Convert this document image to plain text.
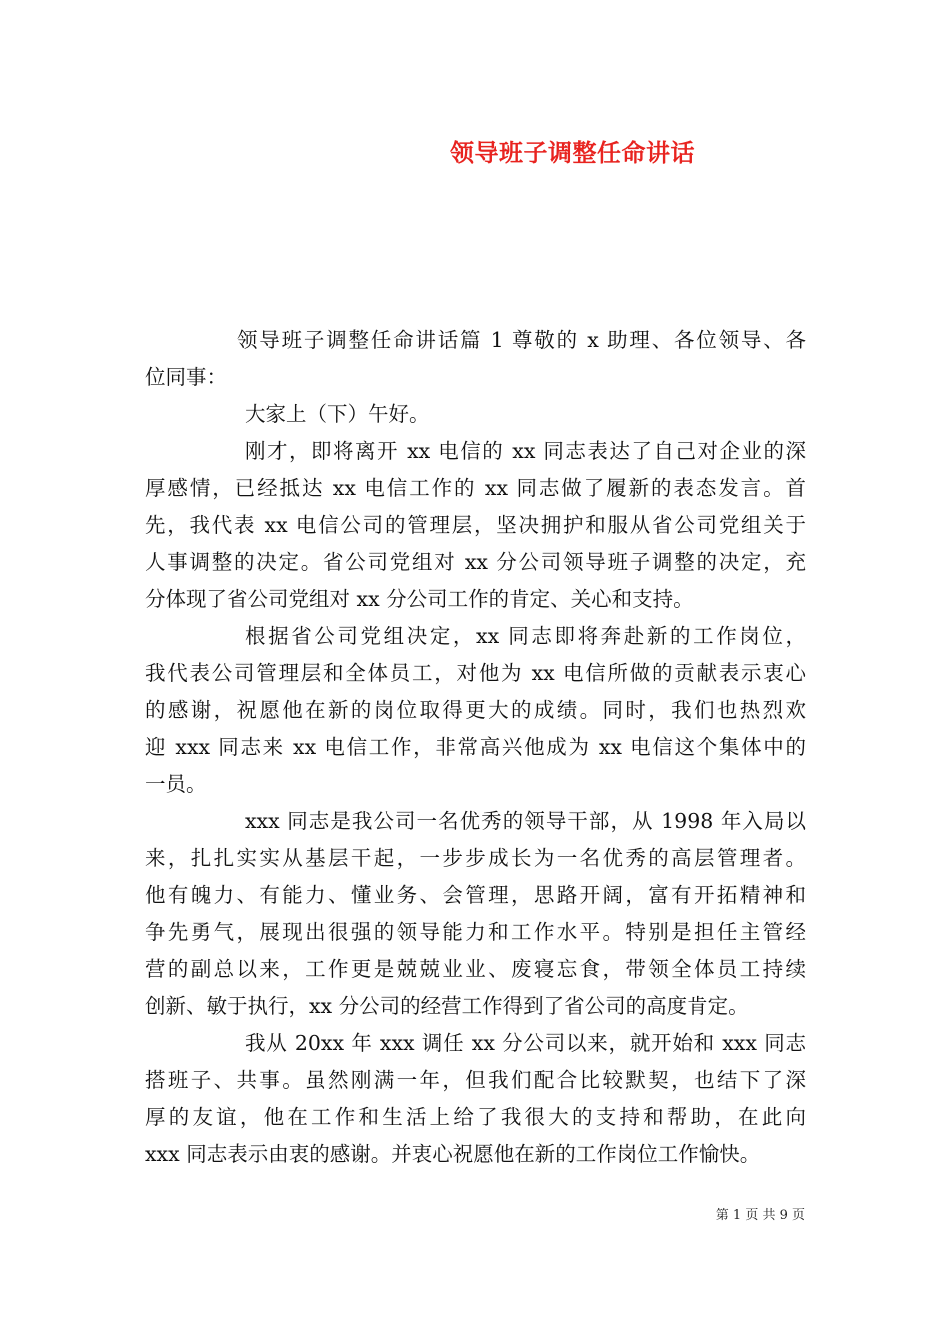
领导班子调整任命讲话
领导班子调整任命讲话篇 1 尊敬的 x 助理、各位领导、各
位同事：
大家上（下）午好。
刚才，即将离开 xx 电信的 xx 同志表达了自己对企业的深
厚感情，已经抵达 xx 电信工作的 xx 同志做了履新的表态发言。首
先，我代表 xx 电信公司的管理层，坚决拥护和服从省公司党组关于
人事调整的决定。省公司党组对 xx 分公司领导班子调整的决定，充
分体现了省公司党组对 xx 分公司工作的肯定、关心和支持。
根据省公司党组决定，xx 同志即将奔赴新的工作岗位，
我代表公司管理层和全体员工，对他为 xx 电信所做的贡献表示衷心
的感谢，祝愿他在新的岗位取得更大的成绩。同时，我们也热烈欢
迎 xxx 同志来 xx 电信工作，非常高兴他成为 xx 电信这个集体中的
一员。
xxx 同志是我公司一名优秀的领导干部，从 1998 年入局以
来，扎扎实实从基层干起，一步步成长为一名优秀的高层管理者。
他有魄力、有能力、懂业务、会管理，思路开阔，富有开拓精神和
争先勇气，展现出很强的领导能力和工作水平。特别是担任主管经
营的副总以来，工作更是兢兢业业、废寝忘食，带领全体员工持续
创新、敏于执行，xx 分公司的经营工作得到了省公司的高度肯定。
我从 20xx 年 xxx 调任 xx 分公司以来，就开始和 xxx 同志
搭班子、共事。虽然刚满一年，但我们配合比较默契，也结下了深
厚的友谊，他在工作和生活上给了我很大的支持和帮助，在此向
xxx 同志表示由衷的感谢。并衷心祝愿他在新的工作岗位工作愉快。
第 1 页 共 9 页
